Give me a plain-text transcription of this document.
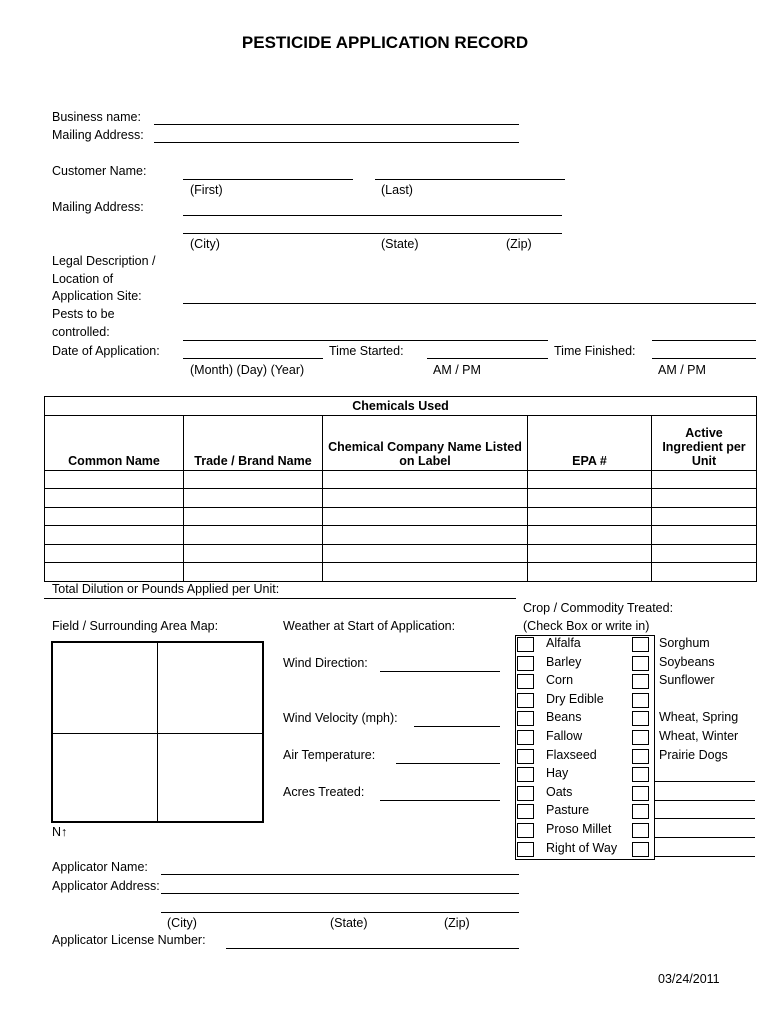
PESTICIDE APPLICATION RECORD
Business name:
Mailing Address:
Customer Name:
(First)	(Last)
Mailing Address:
(City)	(State)	(Zip)
Legal Description /
Location of
Application Site:
Pests to be
controlled:
Date of Application:	Time Started:	Time Finished:
(Month) (Day) (Year)	AM / PM	AM / PM
Chemicals Used				
Common Name	Trade / Brand Name	Chemical Company Name Listed on Label	EPA #	Active Ingredient per Unit

Total Dilution or Pounds Applied per Unit:
Field / Surrounding Area Map:
N↑
Weather at Start of Application:
Wind Direction:
Wind Velocity (mph):
Air Temperature:
Acres Treated:
Crop / Commodity Treated:
(Check Box or write in)
Alfalfa
Barley
Corn
Dry Edible
Beans
Fallow
Flaxseed
Hay
Oats
Pasture
Proso Millet
Right of Way
Sorghum
Soybeans
Sunflower
Wheat, Spring
Wheat, Winter
Prairie Dogs
Applicator Name:
Applicator Address:
(City)	(State)	(Zip)
Applicator License Number:
03/24/2011
